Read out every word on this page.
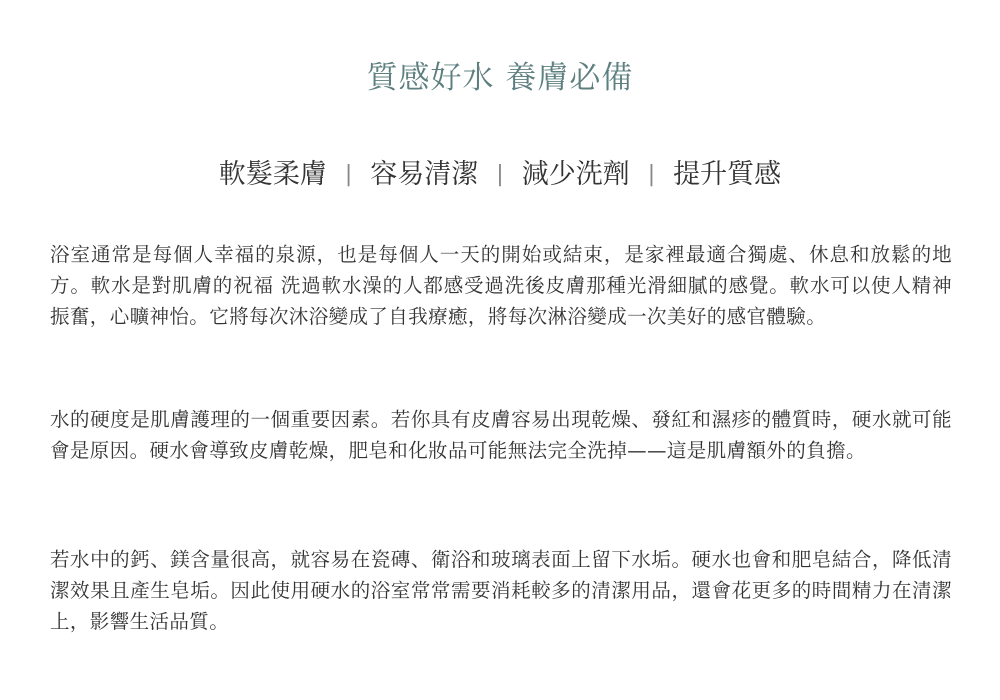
質感好水 養膚必備
軟髮柔膚 | 容易清潔 | 減少洗劑 | 提升質感

浴室通常是每個人幸福的泉源，也是每個人一天的開始或結束，是家裡最適合獨處、休息和放鬆的地方。軟水是對肌膚的祝福 洗過軟水澡的人都感受過洗後皮膚那種光滑細膩的感覺。軟水可以使人精神振奮，心曠神怡。它將每次沐浴變成了自我療癒，將每次淋浴變成一次美好的感官體驗。

水的硬度是肌膚護理的一個重要因素。若你具有皮膚容易出現乾燥、發紅和濕疹的體質時，硬水就可能會是原因。硬水會導致皮膚乾燥，肥皂和化妝品可能無法完全洗掉——這是肌膚額外的負擔。

若水中的鈣、鎂含量很高，就容易在瓷磚、衛浴和玻璃表面上留下水垢。硬水也會和肥皂結合，降低清潔效果且產生皂垢。因此使用硬水的浴室常常需要消耗較多的清潔用品，還會花更多的時間精力在清潔上，影響生活品質。
